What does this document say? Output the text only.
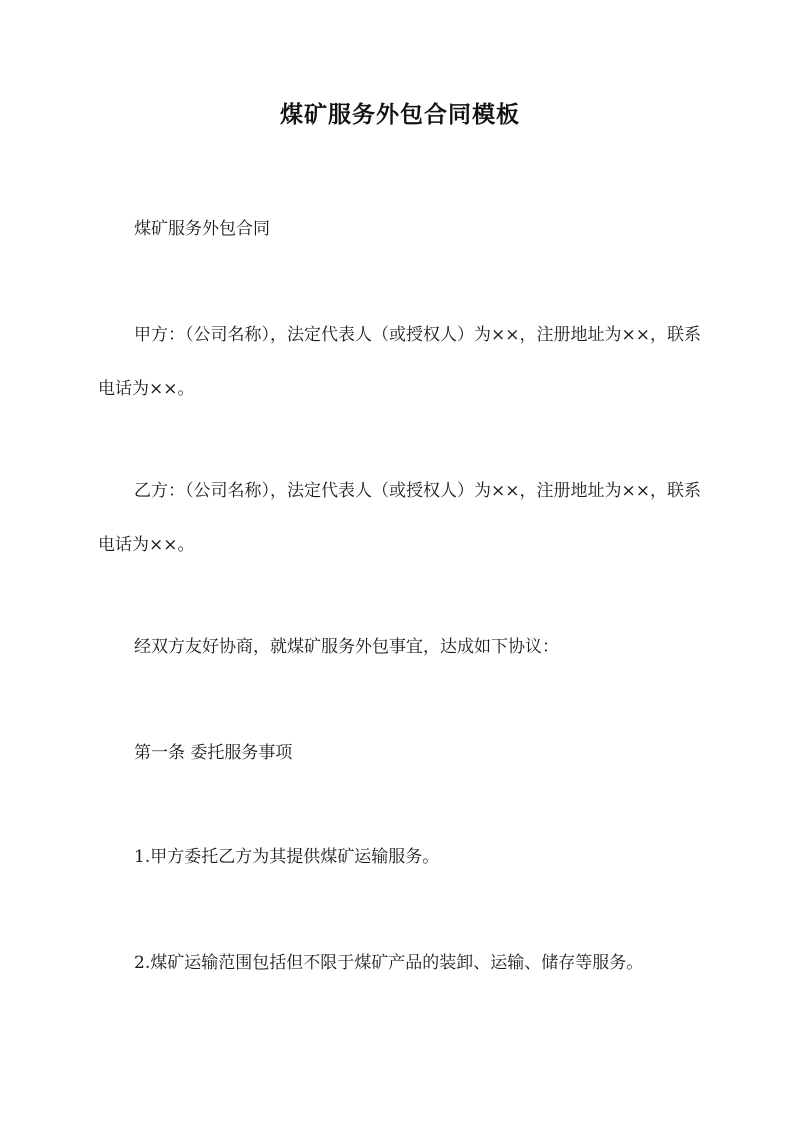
煤矿服务外包合同模板
煤矿服务外包合同
甲方：（公司名称），法定代表人（或授权人）为××，注册地址为××，联系电话为××。
乙方：（公司名称），法定代表人（或授权人）为××，注册地址为××，联系电话为××。
经双方友好协商，就煤矿服务外包事宜，达成如下协议：
第一条 委托服务事项
1.甲方委托乙方为其提供煤矿运输服务。
2.煤矿运输范围包括但不限于煤矿产品的装卸、运输、储存等服务。
